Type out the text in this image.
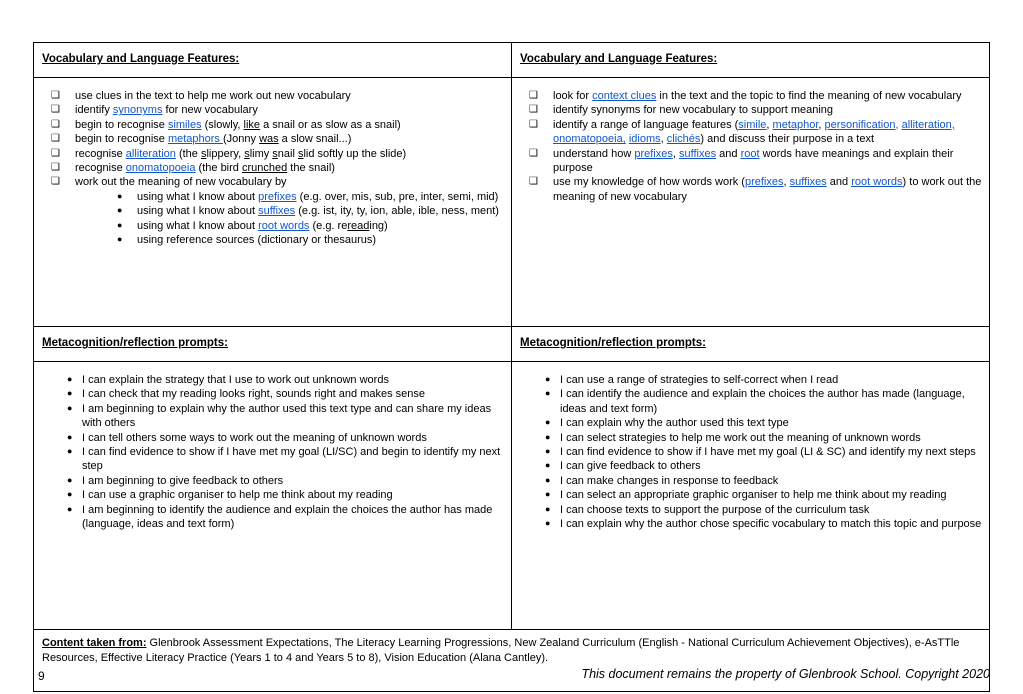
Vocabulary and Language Features:	Vocabulary and Language Features:

❑ use clues in the text to help me work out new vocabulary
❑ identify synonyms for new vocabulary
❑ begin to recognise similes (slowly, like a snail or as slow as a snail)
❑ begin to recognise metaphors (Jonny was a slow snail...)
❑ recognise alliteration (the slippery, slimy snail slid softly up the slide)
❑ recognise onomatopoeia (the bird crunched the snail)
❑ work out the meaning of new vocabulary by
● using what I know about prefixes (e.g. over, mis, sub, pre, inter, semi, mid)
● using what I know about suffixes (e.g. ist, ity, ty, ion, able, ible, ness, ment)
● using what I know about root words (e.g. rereading)
● using reference sources (dictionary or thesaurus)

❑ look for context clues in the text and the topic to find the meaning of new vocabulary
❑ identify synonyms for new vocabulary to support meaning
❑ identify a range of language features (simile, metaphor, personification, alliteration, onomatopoeia, idioms, clichés) and discuss their purpose in a text
❑ understand how prefixes, suffixes and root words have meanings and explain their purpose
❑ use my knowledge of how words work (prefixes, suffixes and root words) to work out the meaning of new vocabulary

Metacognition/reflection prompts:	Metacognition/reflection prompts:

● I can explain the strategy that I use to work out unknown words
● I can check that my reading looks right, sounds right and makes sense
● I am beginning to explain why the author used this text type and can share my ideas with others
● I can tell others some ways to work out the meaning of unknown words
● I can find evidence to show if I have met my goal (LI/SC) and begin to identify my next step
● I am beginning to give feedback to others
● I can use a graphic organiser to help me think about my reading
● I am beginning to identify the audience and explain the choices the author has made (language, ideas and text form)

● I can use a range of strategies to self-correct when I read
● I can identify the audience and explain the choices the author has made (language, ideas and text form)
● I can explain why the author used this text type
● I can select strategies to help me work out the meaning of unknown words
● I can find evidence to show if I have met my goal (LI & SC) and identify my next steps
● I can give feedback to others
● I can make changes in response to feedback
● I can select an appropriate graphic organiser to help me think about my reading
● I can choose texts to support the purpose of the curriculum task
● I can explain why the author chose specific vocabulary to match this topic and purpose

Content taken from: Glenbrook Assessment Expectations, The Literacy Learning Progressions, New Zealand Curriculum (English - National Curriculum Achievement Objectives), e-AsTTle Resources, Effective Literacy Practice (Years 1 to 4 and Years 5 to 8), Vision Education (Alana Cantley).	
9	This document remains the property of Glenbrook School. Copyright 2020
